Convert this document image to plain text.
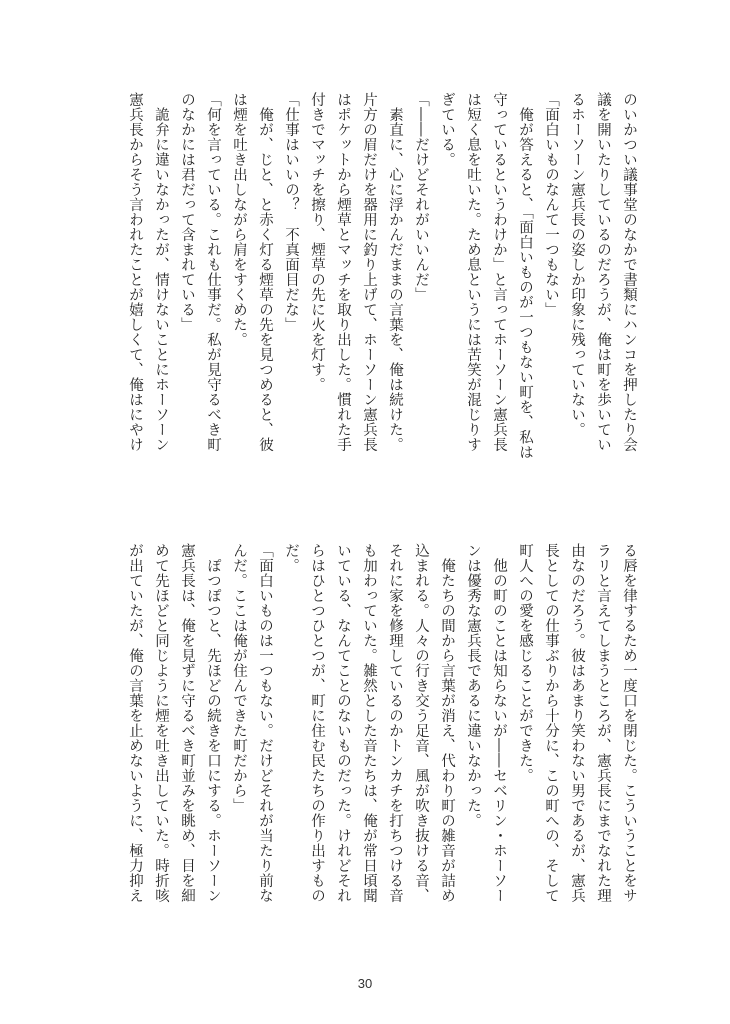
のいかつい議事堂のなかで書類にハンコを押したり会
議を開いたりしているのだろうが、俺は町を歩いてい
るホーソーン憲兵長の姿しか印象に残っていない。
「面白いものなんて一つもない」
　俺が答えると、「面白いものが一つもない町を、私は
守っているというわけか」と言ってホーソーン憲兵長
は短く息を吐いた。ため息というには苦笑が混じりす
ぎている。
「――だけどそれがいいんだ」
　素直に、心に浮かんだままの言葉を、俺は続けた。
片方の眉だけを器用に釣り上げて、ホーソーン憲兵長
はポケットから煙草とマッチを取り出した。慣れた手
付きでマッチを擦り、煙草の先に火を灯す。
「仕事はいいの？　不真面目だな」
　俺が、じと、と赤く灯る煙草の先を見つめると、彼
は煙を吐き出しながら肩をすくめた。
「何を言っている。これも仕事だ。私が見守るべき町
のなかには君だって含まれている」
　詭弁に違いなかったが、情けないことにホーソーン
憲兵長からそう言われたことが嬉しくて、俺はにやけ
る唇を律するため一度口を閉じた。こういうことをサ
ラリと言えてしまうところが、憲兵長にまでなれた理
由なのだろう。彼はあまり笑わない男であるが、憲兵
長としての仕事ぶりから十分に、この町への、そして
町人への愛を感じることができた。
　他の町のことは知らないが――セベリン・ホーソー
ンは優秀な憲兵長であるに違いなかった。
　俺たちの間から言葉が消え、代わり町の雑音が詰め
込まれる。人々の行き交う足音、風が吹き抜ける音、
それに家を修理しているのかトンカチを打ちつける音
も加わっていた。雑然とした音たちは、俺が常日頃聞
いている、なんてことのないものだった。けれどそれ
らはひとつひとつが、町に住む民たちの作り出すもの
だ。
「面白いものは一つもない。だけどそれが当たり前な
んだ。ここは俺が住んできた町だから」
　ぽつぽつと、先ほどの続きを口にする。ホーソーン
憲兵長は、俺を見ずに守るべき町並みを眺め、目を細
めて先ほどと同じように煙を吐き出していた。時折咳
が出ていたが、俺の言葉を止めないように、極力抑え
30
